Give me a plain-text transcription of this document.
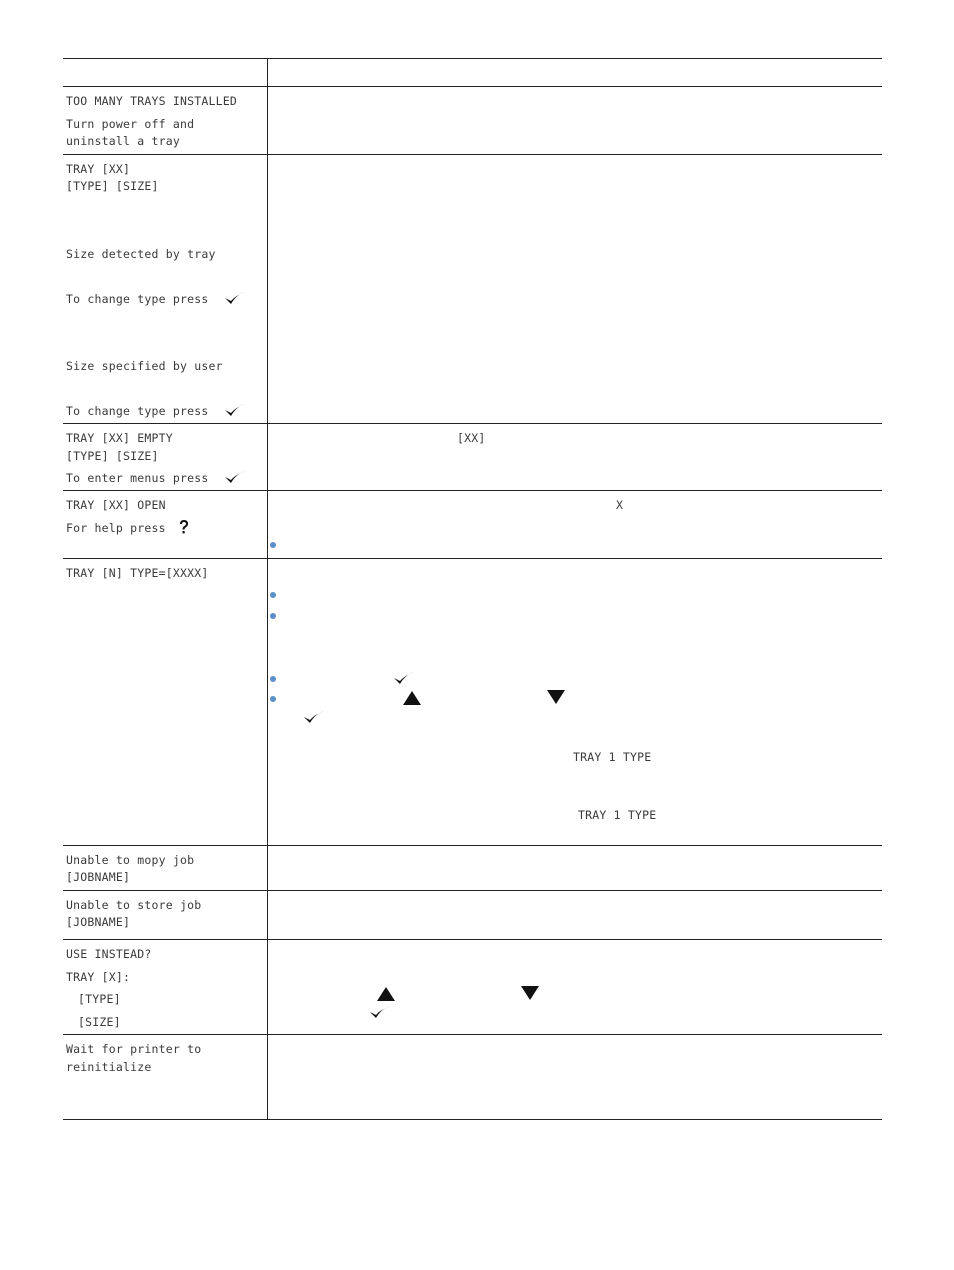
TOO MANY TRAYS INSTALLED
Turn power off and
uninstall a tray
TRAY [XX]
[TYPE] [SIZE]
Size detected by tray
To change type press
Size specified by user
To change type press
TRAY [XX] EMPTY
[TYPE] [SIZE]
To enter menus press
[XX]
TRAY [XX] OPEN
For help press
X
TRAY [N] TYPE=[XXXX]
TRAY 1 TYPE
TRAY 1 TYPE
Unable to mopy job
[JOBNAME]
Unable to store job
[JOBNAME]
USE INSTEAD?
TRAY [X]:
[TYPE]
[SIZE]
Wait for printer to
reinitialize
